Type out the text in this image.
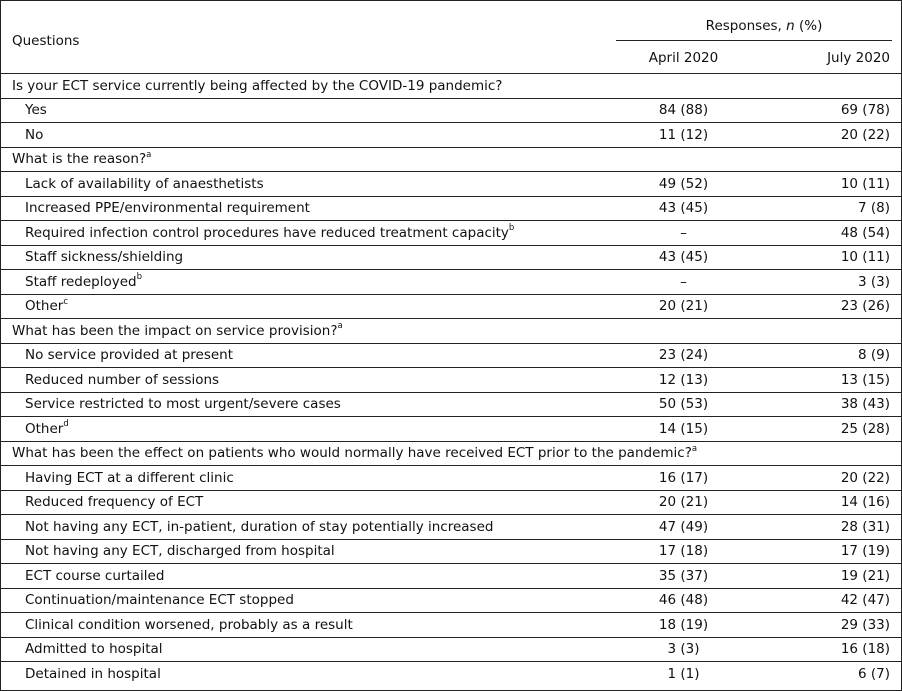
Questions	Responses, n (%)	

	April 2020	July 2020
Is your ECT service currently being affected by the COVID-19 pandemic?		
Yes	84 (88)	69 (78)
No	11 (12)	20 (22)
What is the reason?$^a$
Lack of availability of anaesthetists	49 (52)	10 (11)
Increased PPE/environmental requirement	43 (45)	7 (8)
Required infection control procedures have reduced treatment capacity$^b$	–	48 (54)
Staff sickness/shielding	43 (45)	10 (11)
Staff redeployed$^b$	–	3 (3)
Other$^c$	20 (21)	23 (26)
What has been the impact on service provision?$^a$
No service provided at present	23 (24)	8 (9)
Reduced number of sessions	12 (13)	13 (15)
Service restricted to most urgent/severe cases	50 (53)	38 (43)
Other$^d$	14 (15)	25 (28)
What has been the effect on patients who would normally have received ECT prior to the pandemic?$^a$
Having ECT at a different clinic	16 (17)	20 (22)
Reduced frequency of ECT	20 (21)	14 (16)
Not having any ECT, in-patient, duration of stay potentially increased	47 (49)	28 (31)
Not having any ECT, discharged from hospital	17 (18)	17 (19)
ECT course curtailed	35 (37)	19 (21)
Continuation/maintenance ECT stopped	46 (48)	42 (47)
Clinical condition worsened, probably as a result	18 (19)	29 (33)
Admitted to hospital	3 (3)	16 (18)
Detained in hospital	1 (1)	6 (7)
